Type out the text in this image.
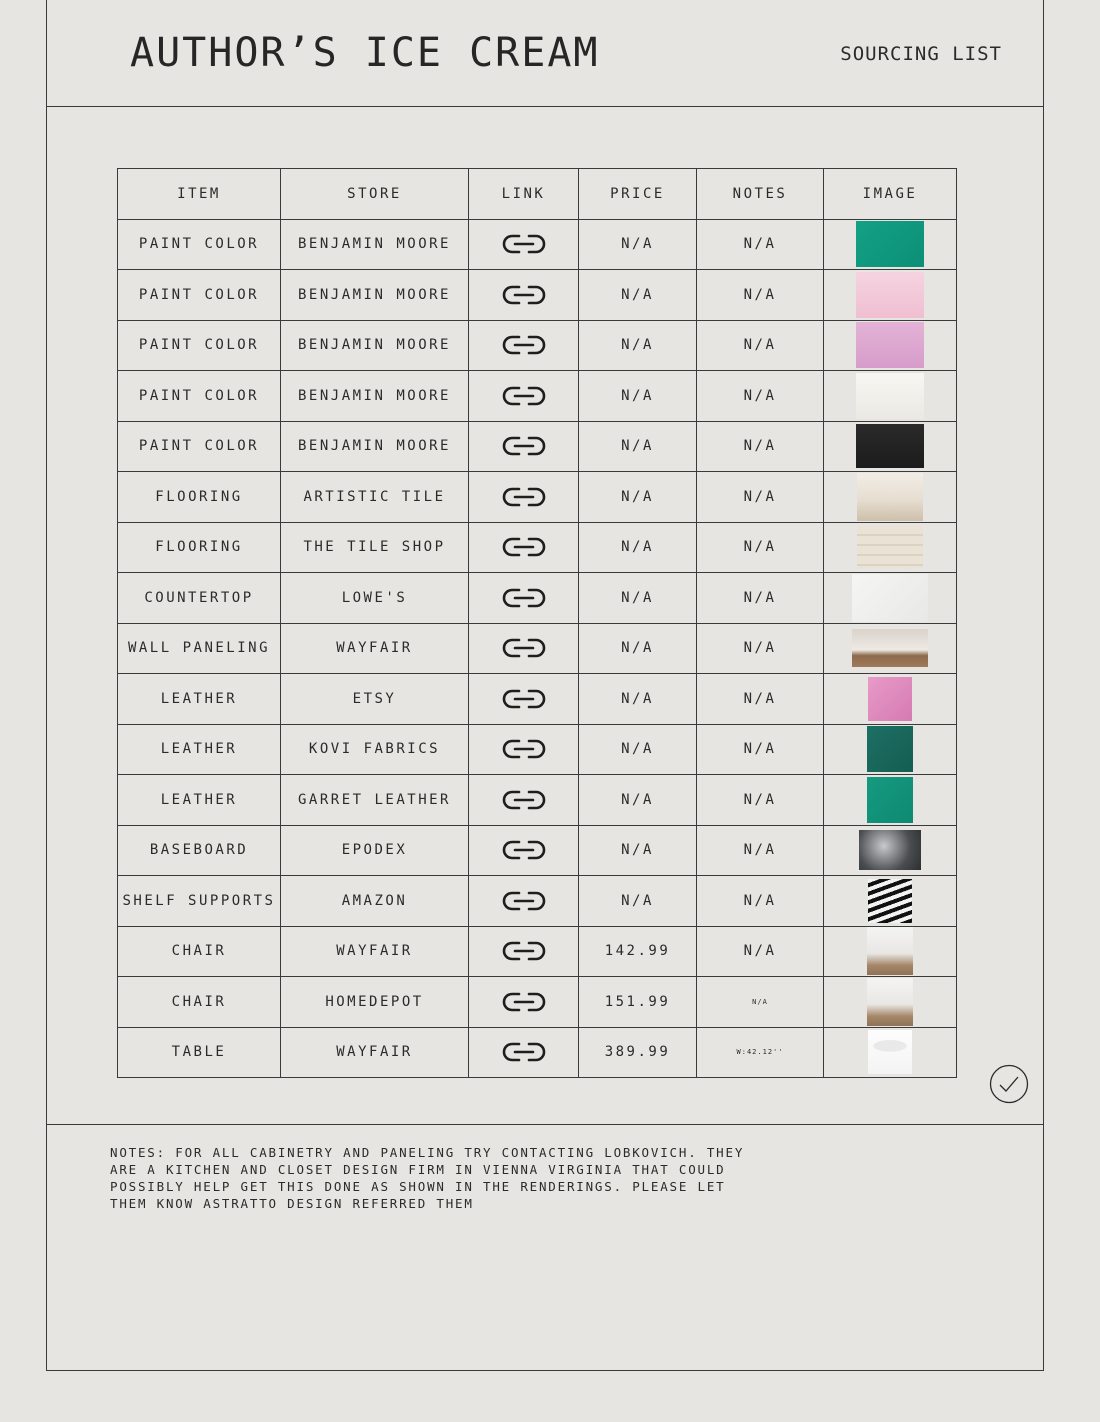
AUTHOR’S ICE CREAM	SOURCING LIST
ITEM	STORE	LINK	PRICE	NOTES	IMAGE
PAINT COLOR	BENJAMIN MOORE		N/A	N/A	
PAINT COLOR	BENJAMIN MOORE		N/A	N/A	
PAINT COLOR	BENJAMIN MOORE		N/A	N/A	
PAINT COLOR	BENJAMIN MOORE		N/A	N/A	
PAINT COLOR	BENJAMIN MOORE		N/A	N/A	
FLOORING	ARTISTIC TILE		N/A	N/A	
FLOORING	THE TILE SHOP		N/A	N/A	
COUNTERTOP	LOWE'S		N/A	N/A	
WALL PANELING	WAYFAIR		N/A	N/A	
LEATHER	ETSY		N/A	N/A	
LEATHER	KOVI FABRICS		N/A	N/A	
LEATHER	GARRET LEATHER		N/A	N/A	
BASEBOARD	EPODEX		N/A	N/A	
SHELF SUPPORTS	AMAZON		N/A	N/A	
CHAIR	WAYFAIR		142.99	N/A	
CHAIR	HOMEDEPOT		151.99	N/A	
TABLE	WAYFAIR		389.99	W:42.12''	

NOTES: FOR ALL CABINETRY AND PANELING TRY CONTACTING LOBKOVICH. THEY ARE A KITCHEN AND CLOSET DESIGN FIRM IN VIENNA VIRGINIA THAT COULD POSSIBLY HELP GET THIS DONE AS SHOWN IN THE RENDERINGS. PLEASE LET THEM KNOW ASTRATTO DESIGN REFERRED THEM
